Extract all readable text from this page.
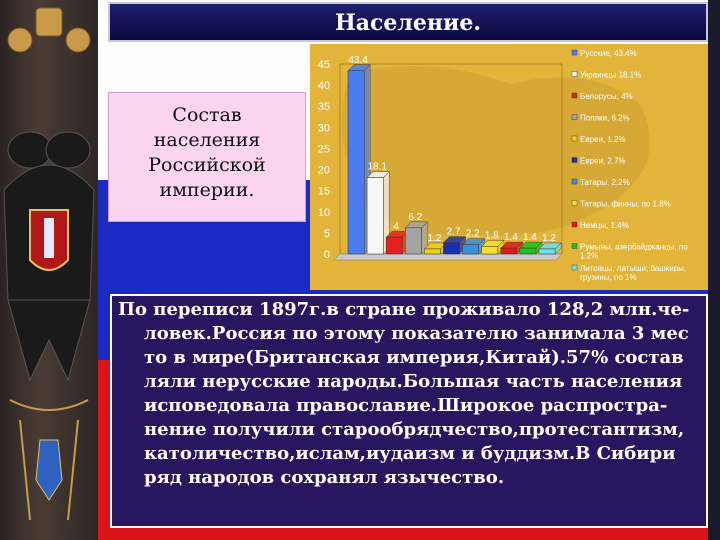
Население.
Состав
населения
Российской
империи.
0
5
10
15
20
25
30
35
40
45 43.4
18.1
4
6.2
1.2
2.7 2.2 1.8 1.4 1.4 1.2
Русские, 43.4%
Украинцы 18.1%
Белорусы, 4%
Поляки, 6.2%
Евреи, 1.2%
Евреи, 2.7%
Татары, 2.2%
Татары, финны, по 1.8%
Немцы, 1.4%
Румыны, азербайджанцы, по 1.2%
Литовцы, латыши, башкиры, грузины, по 1%
По переписи 1897г.в стране проживало 128,2 млн.че-
ловек.Россия по этому показателю занимала 3 мес
то в мире(Британская империя,Китай).57% состав
ляли нерусские народы.Большая часть населения
исповедовала православие.Широкое распростра-
нение получили старообрядчество,протестантизм,
католичество,ислам,иудаизм и буддизм.В Сибири
ряд народов сохранял язычество.
